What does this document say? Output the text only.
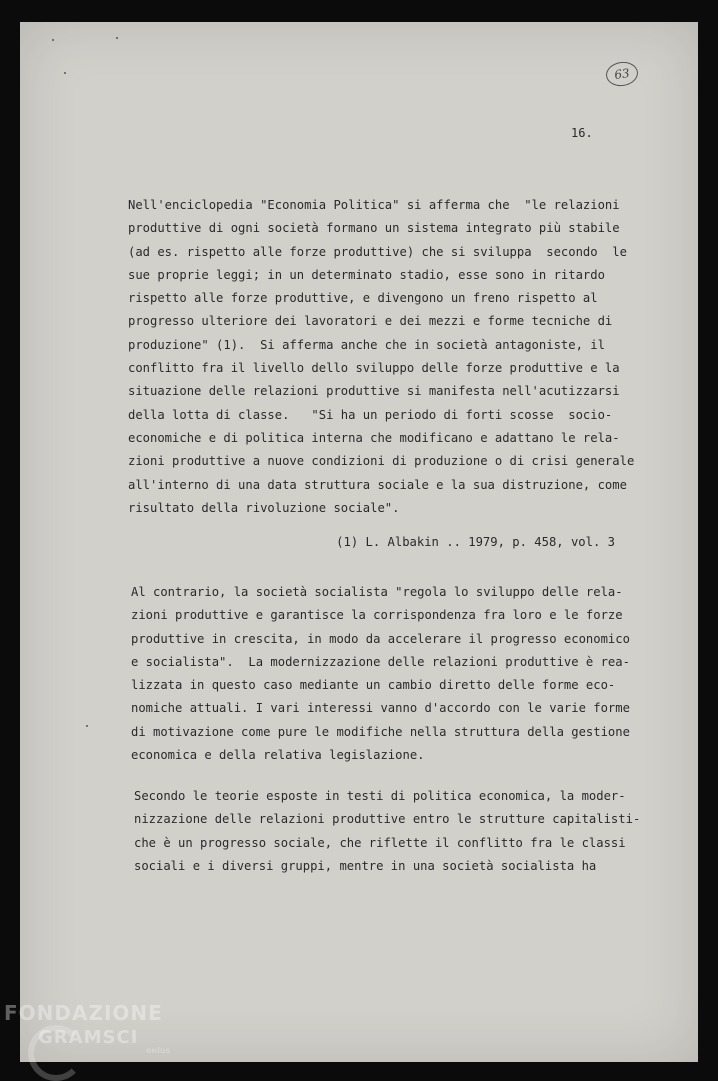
63
16.
Nell'enciclopedia "Economia Politica" si afferma che  "le relazioni
produttive di ogni società formano un sistema integrato più stabile
(ad es. rispetto alle forze produttive) che si sviluppa  secondo  le
sue proprie leggi; in un determinato stadio, esse sono in ritardo
rispetto alle forze produttive, e divengono un freno rispetto al
progresso ulteriore dei lavoratori e dei mezzi e forme tecniche di
produzione" (1).  Si afferma anche che in società antagoniste, il
conflitto fra il livello dello sviluppo delle forze produttive e la
situazione delle relazioni produttive si manifesta nell'acutizzarsi
della lotta di classe.   "Si ha un periodo di forti scosse  socio-
economiche e di politica interna che modificano e adattano le rela-
zioni produttive a nuove condizioni di produzione o di crisi generale
all'interno di una data struttura sociale e la sua distruzione, come
risultato della rivoluzione sociale".
(1) L. Albakin .. 1979, p. 458, vol. 3
Al contrario, la società socialista "regola lo sviluppo delle rela-
zioni produttive e garantisce la corrispondenza fra loro e le forze
produttive in crescita, in modo da accelerare il progresso economico
e socialista".  La modernizzazione delle relazioni produttive è rea-
lizzata in questo caso mediante un cambio diretto delle forme eco-
nomiche attuali. I vari interessi vanno d'accordo con le varie forme
di motivazione come pure le modifiche nella struttura della gestione
economica e della relativa legislazione.
Secondo le teorie esposte in testi di politica economica, la moder-
nizzazione delle relazioni produttive entro le strutture capitalisti-
che è un progresso sociale, che riflette il conflitto fra le classi
sociali e i diversi gruppi, mentre in una società socialista ha
FONDAZIONE
GRAMSCI
onlus
